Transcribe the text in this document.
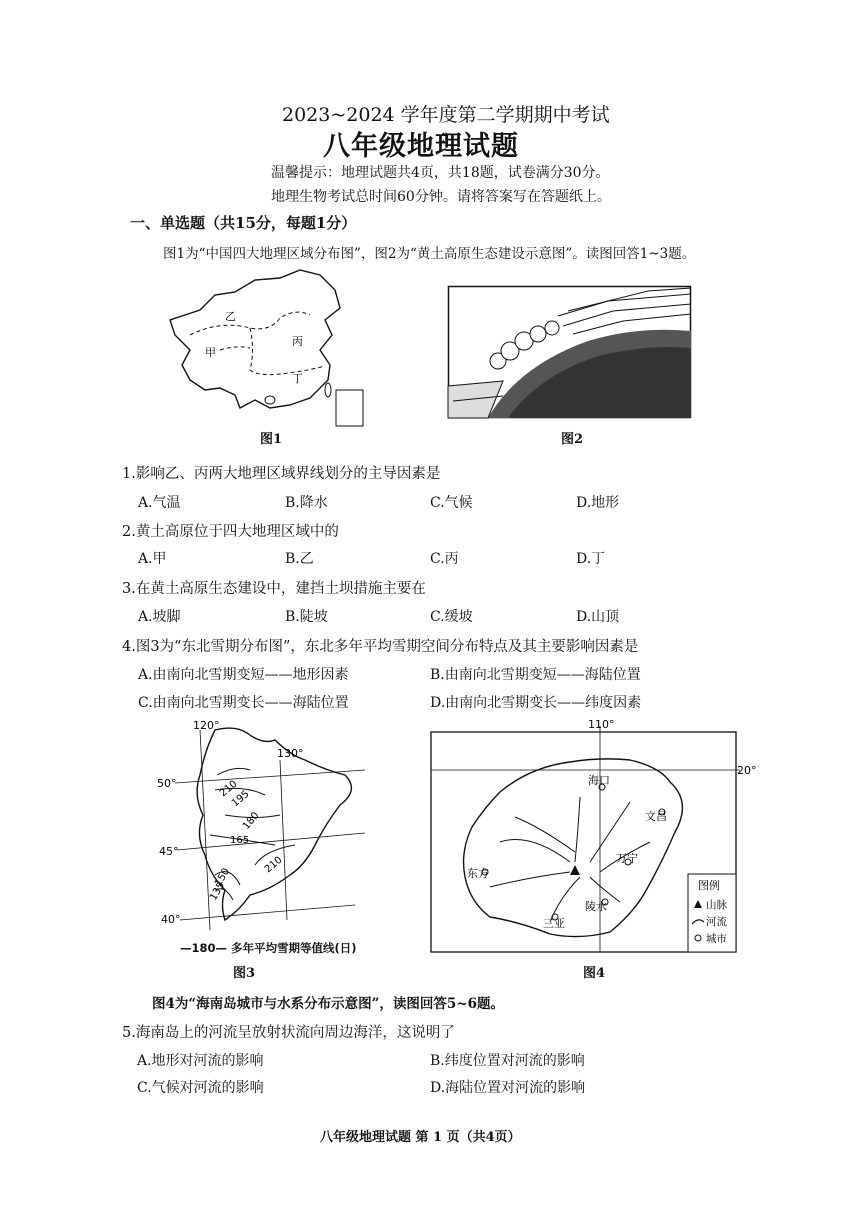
2023~2024 学年度第二学期期中考试
八年级地理试题
温馨提示：地理试题共4页，共18题，试卷满分30分。
地理生物考试总时间60分钟。请将答案写在答题纸上。
一、单选题（共15分，每题1分）
图1为“中国四大地理区域分布图”，图2为“黄土高原生态建设示意图”。读图回答1~3题。
乙
甲
丙
丁
图1	图2
1.影响乙、丙两大地理区域界线划分的主导因素是
A.气温	B.降水	C.气候	D.地形
2.黄土高原位于四大地理区域中的
A.甲	B.乙	C.丙	D.丁
3.在黄土高原生态建设中，建挡土坝措施主要在
A.坡脚	B.陡坡	C.缓坡	D.山顶
4.图3为“东北雪期分布图”，东北多年平均雪期空间分布特点及其主要影响因素是
A.由南向北雪期变短——地形因素	B.由南向北雪期变短——海陆位置
C.由南向北雪期变长——海陆位置	D.由南向北雪期变长——纬度因素
120°
130°
50°
45°
40°
210
195
180
165
210
150
135
—180— 多年平均雪期等值线(日)
图3
110°
20°
海口
文昌
东方
万宁
陵水
三亚
图例
山脉
河流
城市
图4
图4为“海南岛城市与水系分布示意图”，读图回答5~6题。
5.海南岛上的河流呈放射状流向周边海洋，这说明了
A.地形对河流的影响	B.纬度位置对河流的影响
C.气候对河流的影响	D.海陆位置对河流的影响
八年级地理试题 第 1 页（共4页）
